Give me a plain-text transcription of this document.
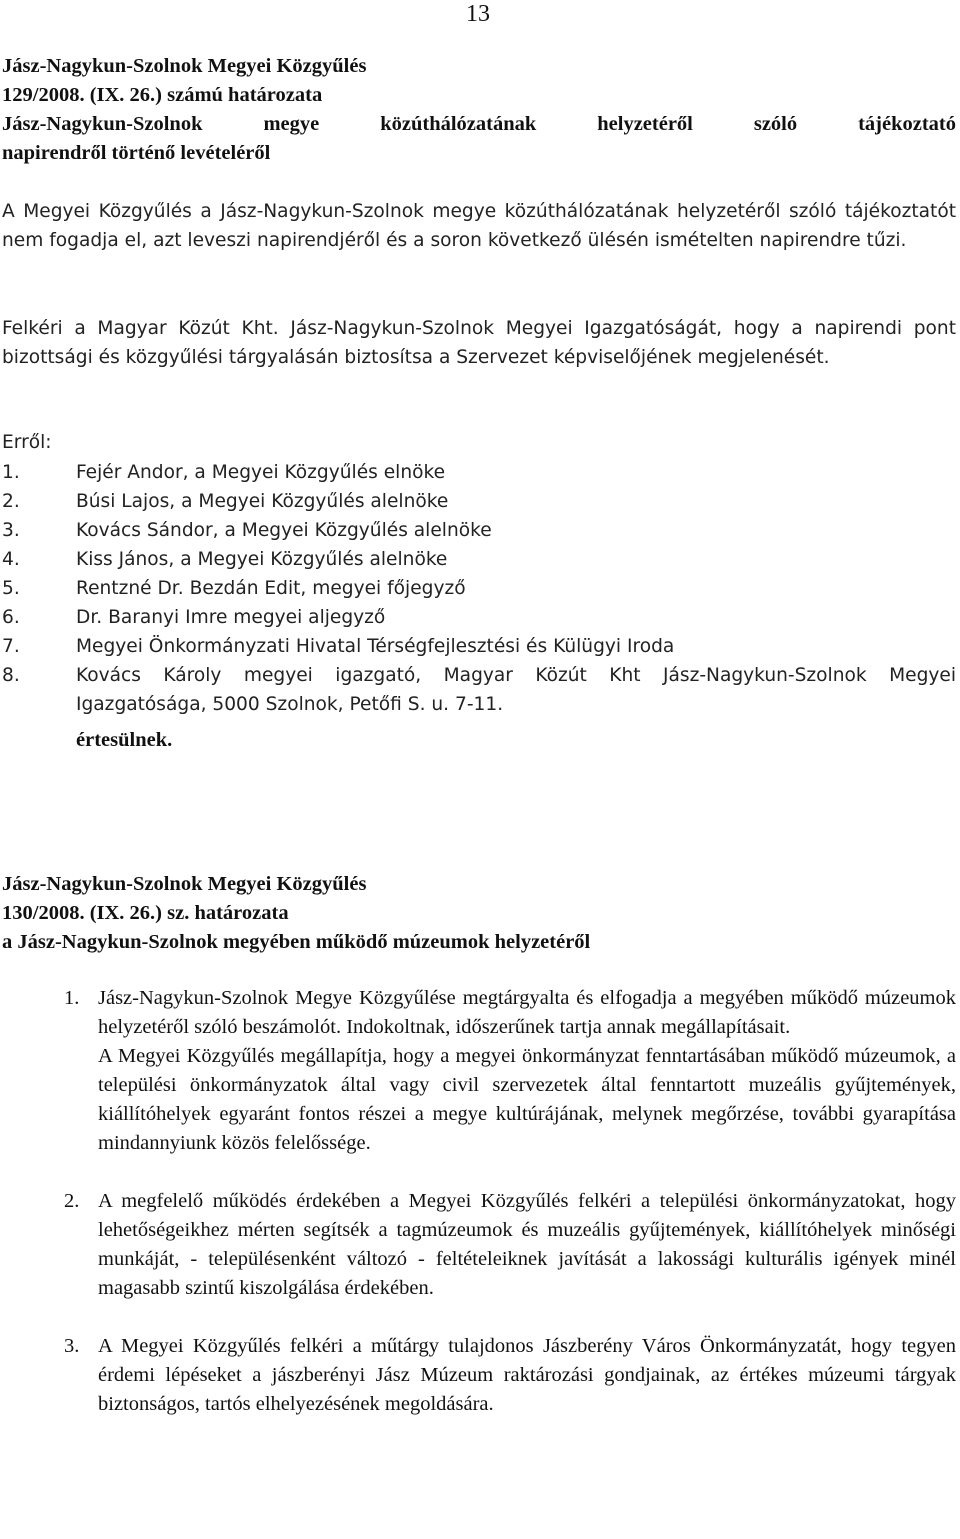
13
Jász-Nagykun-Szolnok Megyei Közgyűlés
129/2008. (IX. 26.) számú határozata
Jász-Nagykun-Szolnok megye közúthálózatának helyzetéről szóló tájékoztató
napirendről történő levételéről

A Megyei Közgyűlés a Jász-Nagykun-Szolnok megye közúthálózatának helyzetéről szóló tájékoztatót nem fogadja el, azt leveszi napirendjéről és a soron következő ülésén ismételten napirendre tűzi.

Felkéri a Magyar Közút Kht. Jász-Nagykun-Szolnok Megyei Igazgatóságát, hogy a napirendi pont bizottsági és közgyűlési tárgyalásán biztosítsa a Szervezet képviselőjének megjelenését.

Erről:
1.	Fejér Andor, a Megyei Közgyűlés elnöke
2.	Búsi Lajos, a Megyei Közgyűlés alelnöke
3.	Kovács Sándor, a Megyei Közgyűlés alelnöke
4.	Kiss János, a Megyei Közgyűlés alelnöke
5.	Rentzné Dr. Bezdán Edit, megyei főjegyző
6.	Dr. Baranyi Imre megyei aljegyző
7.	Megyei Önkormányzati Hivatal Térségfejlesztési és Külügyi Iroda
8.	Kovács Károly megyei igazgató, Magyar Közút Kht Jász-Nagykun-Szolnok Megyei Igazgatósága, 5000 Szolnok, Petőfi S. u. 7-11.
értesülnek.
Jász-Nagykun-Szolnok Megyei Közgyűlés
130/2008. (IX. 26.) sz. határozata
a Jász-Nagykun-Szolnok megyében működő múzeumok helyzetéről
1. Jász-Nagykun-Szolnok Megye Közgyűlése megtárgyalta és elfogadja a megyében működő múzeumok helyzetéről szóló beszámolót. Indokoltnak, időszerűnek tartja annak megállapításait.

A Megyei Közgyűlés megállapítja, hogy a megyei önkormányzat fenntartásában működő múzeumok, a települési önkormányzatok által vagy civil szervezetek által fenntartott muzeális gyűjtemények, kiállítóhelyek egyaránt fontos részei a megye kultúrájának, melynek megőrzése, további gyarapítása mindannyiunk közös felelőssége.

2. A megfelelő működés érdekében a Megyei Közgyűlés felkéri a települési önkormányzatokat, hogy lehetőségeikhez mérten segítsék a tagmúzeumok és muzeális gyűjtemények, kiállítóhelyek minőségi munkáját, - településenként változó - feltételeiknek javítását a lakossági kulturális igények minél magasabb szintű kiszolgálása érdekében.

3. A Megyei Közgyűlés felkéri a műtárgy tulajdonos Jászberény Város Önkormányzatát, hogy tegyen érdemi lépéseket a jászberényi Jász Múzeum raktározási gondjainak, az értékes múzeumi tárgyak biztonságos, tartós elhelyezésének megoldására.
